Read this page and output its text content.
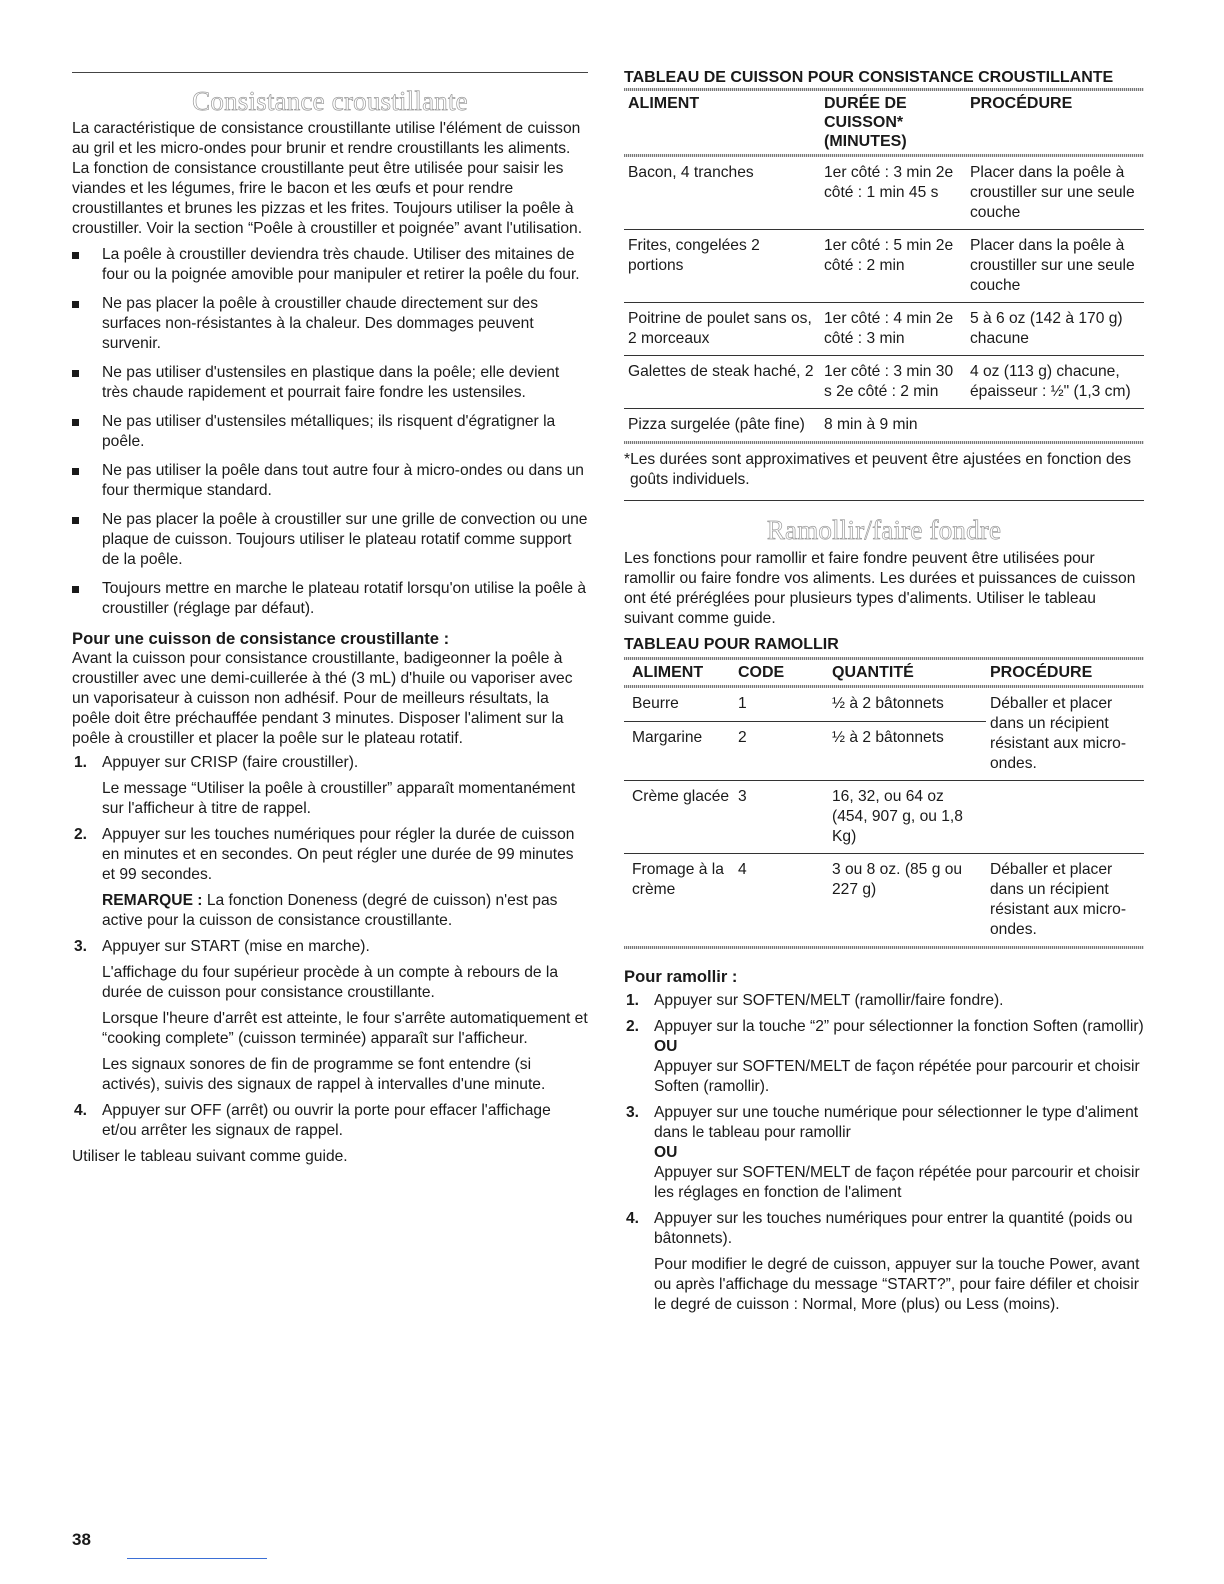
Consistance croustillante

La caractéristique de consistance croustillante utilise l'élément de cuisson au gril et les micro-ondes pour brunir et rendre croustillants les aliments. La fonction de consistance croustillante peut être utilisée pour saisir les viandes et les légumes, frire le bacon et les œufs et pour rendre croustillantes et brunes les pizzas et les frites. Toujours utiliser la poêle à croustiller. Voir la section “Poêle à croustiller et poignée” avant l'utilisation.

La poêle à croustiller deviendra très chaude. Utiliser des mitaines de four ou la poignée amovible pour manipuler et retirer la poêle du four.
Ne pas placer la poêle à croustiller chaude directement sur des surfaces non-résistantes à la chaleur. Des dommages peuvent survenir.
Ne pas utiliser d'ustensiles en plastique dans la poêle; elle devient très chaude rapidement et pourrait faire fondre les ustensiles.
Ne pas utiliser d'ustensiles métalliques; ils risquent d'égratigner la poêle.
Ne pas utiliser la poêle dans tout autre four à micro-ondes ou dans un four thermique standard.
Ne pas placer la poêle à croustiller sur une grille de convection ou une plaque de cuisson. Toujours utiliser le plateau rotatif comme support de la poêle.
Toujours mettre en marche le plateau rotatif lorsqu'on utilise la poêle à croustiller (réglage par défaut).
Pour une cuisson de consistance croustillante :

Avant la cuisson pour consistance croustillante, badigeonner la poêle à croustiller avec une demi-cuillerée à thé (3 mL) d'huile ou vaporiser avec un vaporisateur à cuisson non adhésif. Pour de meilleurs résultats, la poêle doit être préchauffée pendant 3 minutes. Disposer l'aliment sur la poêle à croustiller et placer la poêle sur le plateau rotatif.

1. Appuyer sur CRISP (faire croustiller).

Le message “Utiliser la poêle à croustiller” apparaît momentanément sur l'afficheur à titre de rappel.

2. Appuyer sur les touches numériques pour régler la durée de cuisson en minutes et en secondes. On peut régler une durée de 99 minutes et 99 secondes.

REMARQUE : La fonction Doneness (degré de cuisson) n'est pas active pour la cuisson de consistance croustillante.

3. Appuyer sur START (mise en marche).

L'affichage du four supérieur procède à un compte à rebours de la durée de cuisson pour consistance croustillante.

Lorsque l'heure d'arrêt est atteinte, le four s'arrête automatiquement et “cooking complete” (cuisson terminée) apparaît sur l'afficheur.

Les signaux sonores de fin de programme se font entendre (si activés), suivis des signaux de rappel à intervalles d'une minute.

4. Appuyer sur OFF (arrêt) ou ouvrir la porte pour effacer l'affichage et/ou arrêter les signaux de rappel.

Utiliser le tableau suivant comme guide.

TABLEAU DE CUISSON POUR CONSISTANCE CROUSTILLANTE
ALIMENT	DURÉE DE CUISSON* (MINUTES)	PROCÉDURE

Bacon, 4 tranches	1er côté : 3 min 2e côté : 1 min 45 s	Placer dans la poêle à croustiller sur une seule couche
Frites, congelées 2 portions	1er côté : 5 min 2e côté : 2 min	Placer dans la poêle à croustiller sur une seule couche
Poitrine de poulet sans os, 2 morceaux	1er côté : 4 min 2e côté : 3 min	5 à 6 oz (142 à 170 g) chacune
Galettes de steak haché, 2	1er côté : 3 min 30 s 2e côté : 2 min	4 oz (113 g) chacune, épaisseur : ½" (1,3 cm)
Pizza surgelée (pâte fine)	8 min à 9 min	

*Les durées sont approximatives et peuvent être ajustées en fonction des goûts individuels.

Ramollir/faire fondre

Les fonctions pour ramollir et faire fondre peuvent être utilisées pour ramollir ou faire fondre vos aliments. Les durées et puissances de cuisson ont été préréglées pour plusieurs types d'aliments. Utiliser le tableau suivant comme guide.

TABLEAU POUR RAMOLLIR
ALIMENT	CODE	QUANTITÉ	PROCÉDURE

Beurre	1	½ à 2 bâtonnets	Déballer et placer dans un récipient résistant aux micro-ondes.
Margarine	2	½ à 2 bâtonnets	
Crème glacée	3	16, 32, ou 64 oz (454, 907 g, ou 1,8 Kg)	
Fromage à la crème	4	3 ou 8 oz. (85 g ou 227 g)	Déballer et placer dans un récipient résistant aux micro-ondes.
Pour ramollir :
1. Appuyer sur SOFTEN/MELT (ramollir/faire fondre).

2. Appuyer sur la touche “2” pour sélectionner la fonction Soften (ramollir)

OU

Appuyer sur SOFTEN/MELT de façon répétée pour parcourir et choisir Soften (ramollir).

3. Appuyer sur une touche numérique pour sélectionner le type d'aliment dans le tableau pour ramollir

OU

Appuyer sur SOFTEN/MELT de façon répétée pour parcourir et choisir les réglages en fonction de l'aliment

4. Appuyer sur les touches numériques pour entrer la quantité (poids ou bâtonnets).

Pour modifier le degré de cuisson, appuyer sur la touche Power, avant ou après l'affichage du message “START?”, pour faire défiler et choisir le degré de cuisson : Normal, More (plus) ou Less (moins).

38
